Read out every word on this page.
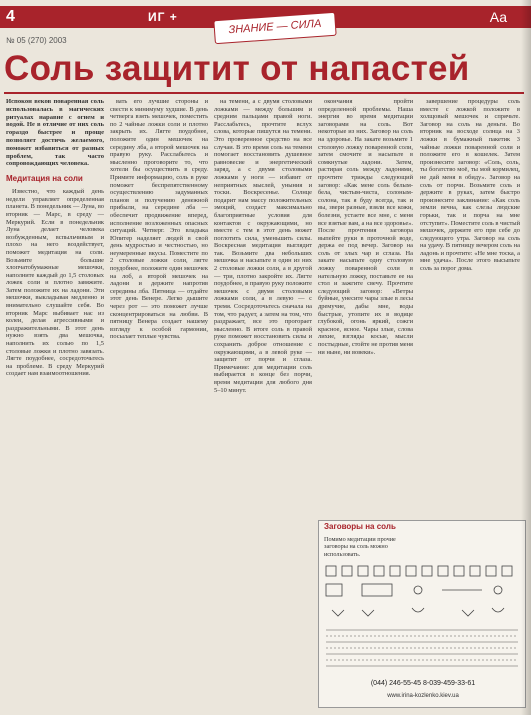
4	ИГ +
ЗНАНИЕ — СИЛА
Аа
№ 05 (270) 2003
Соль защитит от напастей
Испокон веков поваренная соль использовалась в магических ритуалах наравне с огнем и водой. Не в отличие от них соль гораздо быстрее и проще позволяет достичь желаемого, поможет избавиться от разных проблем, так часто сопровождающих человека.
Медитация на соли
Известно, что каждый день недели управляет определенная планета. В понедельник — Луна, во вторник — Марс, в среду — Меркурий. Если в понедельник Луна делает человека возбужденным, вспыльчивым и плохо на него воздействует, поможет медитация на соли. Возьмите большие хлопчатобумажные мешочки, наполните каждый до 1,5 столовых ложек соли и плотно завяжите. Затем положите их на ладони. Эти мешочки, выкладывая медленно и внимательно слушайте себя. Во вторник Марс выбивает нас из колеи, делая агрессивными и раздражительными. В этот день нужно взять два мешочка, наполнить их солью по 1,5 столовые ложки и плотно завязать. Лягте поудобнее, сосредоточьтесь на проблеме. В среду Меркурий создает нам взаимоотношения.
вать его лучшие стороны и свести к минимуму худшие. В день четверга взять мешочек, поместить по 2 чайные ложки соли и плотно закрыть их. Лягте поудобнее, положите один мешочек на середину лба, а второй мешочек на правую руку. Расслабьтесь и мысленно проговорите то, что хотели бы осуществить в среду. Примите информацию, соль в руке поможет беспрепятственному осуществлению задуманных планов и получению денежной прибыли, на середине лба — обеспечит продвижение вперед, исполнение возложенных опасных ситуаций. Четверг. Это владыка Юпитер наделяет людей в свой день мудростью и честностью, но неумеренные вкусы. Поместите по 2 столовые ложки соли, лягте поудобнее, положите один мешочек на лоб, а второй мешочек на ладони и держите напротив середины лба. Пятница — отдайте этот день Венере. Легко дышите через рот — это поможет лучше сконцентрироваться на любви. В пятницу Венера создает нашему взгляду к особой гармонии, посылает теплые чувства.
на темени, а с двумя столовыми ложками — между большим и средним пальцами правой ноги. Расслабьтесь, прочтите вслух слова, которые пишутся на темени. Это проверенное средство на все случаи. В это время соль на темени помогает восстановить душевное равновесие и энергетический заряд, а с двумя столовыми ложками у ноги — избавит от неприятных мыслей, уныния и тоски. Воскресенье. Солнце подарит нам массу положительных эмоций, создаст максимально благоприятные условия для контактов с окружающими, но вместе с тем в этот день может поглотить сила, уменьшить силы. Воскресная медитация выглядит так. Возьмите два небольших мешочка и насыпьте в один из них 2 столовые ложки соли, а в другой — три, плотно закройте их. Лягте поудобнее, в правую руку положите мешочек с двумя столовыми ложками соли, а в левую — с тремя. Сосредоточьтесь сначала на том, что радует, а затем на том, что раздражает, все это прогорает мысленно. В итоге соль в правой руке поможет восстановить силы и сохранить доброе отношение с окружающими, а в левой руке — защитит от порчи и сглаза. Примечание: для медитации соль выбирается в конце без порчи, время медитации для любого дня 5–10 минут.
окончания пройти определенной проблемы. Наша энергия во время медитации заговорами на соль. Вот некоторые из них. Заговор на соль на здоровье. На закате возьмите 1 столовую ложку поваренной соли, затем смочите и насыпьте в сомкнутые ладони. Затем, растирая соль между ладонями, прочтите трижды следующий заговор: «Как мене соль белым-бела, чистым-чиста, солоным-солона, так я буду всегда, так и вы, звери разные, взяли все кожи, болезни, устаете все мне, с меня все взятые вам, а на все здоровье». После прочтения заговора выпейте руки в проточной воде, держа ее под вечер. Заговор на соль от злых чар и сглаза. На закате насыпьте одну столовую ложку поваренной соли в нательную ложку, поставьте ее на стол и зажгите свечу. Прочтите следующий заговор: «Ветры буйные, унесите чары злые в лесы дремучие, дабы мне, воды быстрые, утопите их в водице глубокой, огонь яркий, сожги красное, ясное. Чары злые, слова лихие, взгляды косые, мысли постыдные, стойте не против меня ни ныне, ни вовеки».
завершение процедуры соль вместе с ложкой положите в холщовый мешочек и спрячьте. Заговор на соль на деньги. Во вторник на восходе солнца на 3 ложки в бумажный пакетик 3 чайные ложки поваренной соли и положите его в кошелек. Затем произнесите заговор: «Соль, соль, ты богатство моё, ты мой кормилец, не дай меня в обиду». Заговор на соль от порчи. Возьмите соль и держите в руках, затем быстро произнесите заклинание: «Как соль земли вечна, как слезы людские горьки, так и порча на мне отступит». Поместите соль в чистый мешочек, держите его при себе до следующего утра. Заговор на соль на удачу. В пятницу вечером соль на ладонь и прочтите: «Не мне тоска, а мне удача». После этого высыпьте соль за порог дома.
Заговоры на соль
Помимо медитации прочие заговоры на соль можно использовать.
(044) 246-55-45 8-039-459-33-61
www.irina-kozlenko.kiev.ua
